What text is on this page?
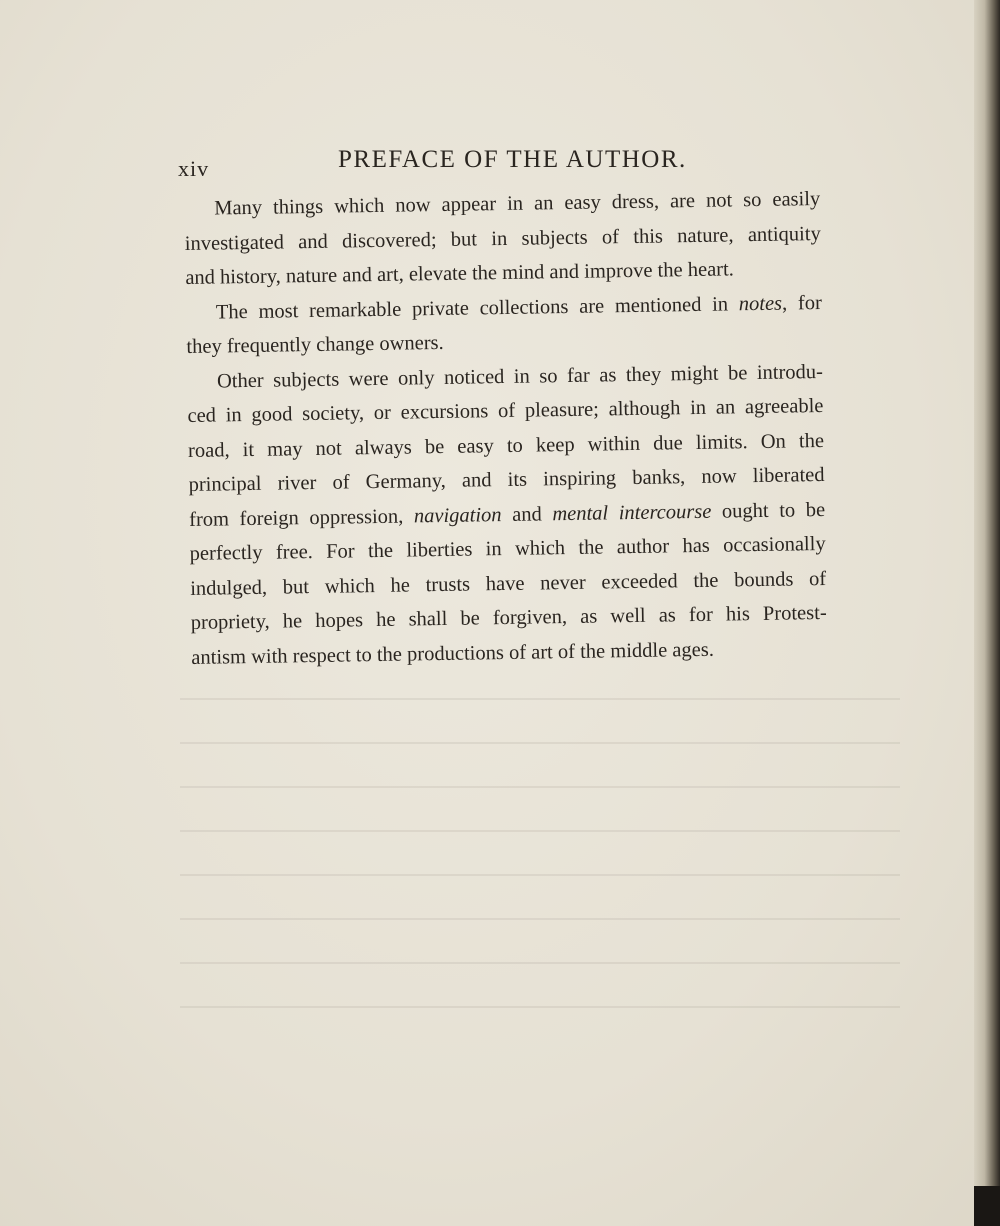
xiv	PREFACE OF THE AUTHOR.

Many things which now appear in an easy dress, are not so easily
investigated and discovered; but in subjects of this nature, antiquity
and history, nature and art, elevate the mind and improve the heart.

The most remarkable private collections are mentioned in notes, for
they frequently change owners.

Other subjects were only noticed in so far as they might be introdu-
ced in good society, or excursions of pleasure; although in an agreeable
road, it may not always be easy to keep within due limits. On the
principal river of Germany, and its inspiring banks, now liberated
from foreign oppression, navigation and mental intercourse ought to be
perfectly free. For the liberties in which the author has occasionally
indulged, but which he trusts have never exceeded the bounds of
propriety, he hopes he shall be forgiven, as well as for his Protest-
antism with respect to the productions of art of the middle ages.
